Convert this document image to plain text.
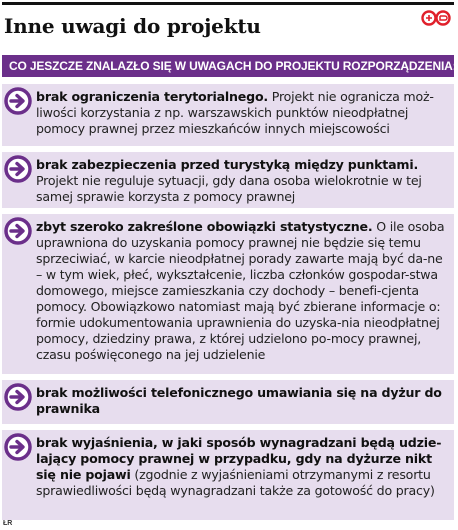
Inne uwagi do projektu
CO JESZCZE ZNALAZŁO SIĘ W UWAGACH DO PROJEKTU ROZPORZĄDZENIA:
brak ograniczenia terytorialnego. Projekt nie ogranicza moż-liwości korzystania z np. warszawskich punktów nieodpłatnej pomocy prawnej przez mieszkańców innych miejscowości
brak zabezpieczenia przed turystyką między punktami. Projekt nie reguluje sytuacji, gdy dana osoba wielokrotnie w tej samej sprawie korzysta z pomocy prawnej
zbyt szeroko zakreślone obowiązki statystyczne. O ile osoba uprawniona do uzyskania pomocy prawnej nie będzie się temu sprzeciwiać, w karcie nieodpłatnej porady zawarte mają być da-ne – w tym wiek, płeć, wykształcenie, liczba członków gospodar-stwa domowego, miejsce zamieszkania czy dochody – benefi-cjenta pomocy. Obowiązkowo natomiast mają być zbierane informacje o: formie udokumentowania uprawnienia do uzyska-nia nieodpłatnej pomocy, dziedziny prawa, z której udzielono po-mocy prawnej, czasu poświęconego na jej udzielenie
brak możliwości telefonicznego umawiania się na dyżur do prawnika
brak wyjaśnienia, w jaki sposób wynagradzani będą udzie-lający pomocy prawnej w przypadku, gdy na dyżurze nikt się nie pojawi (zgodnie z wyjaśnieniami otrzymanymi z resortu sprawiedliwości będą wynagradzani także za gotowość do pracy)
ŁR
